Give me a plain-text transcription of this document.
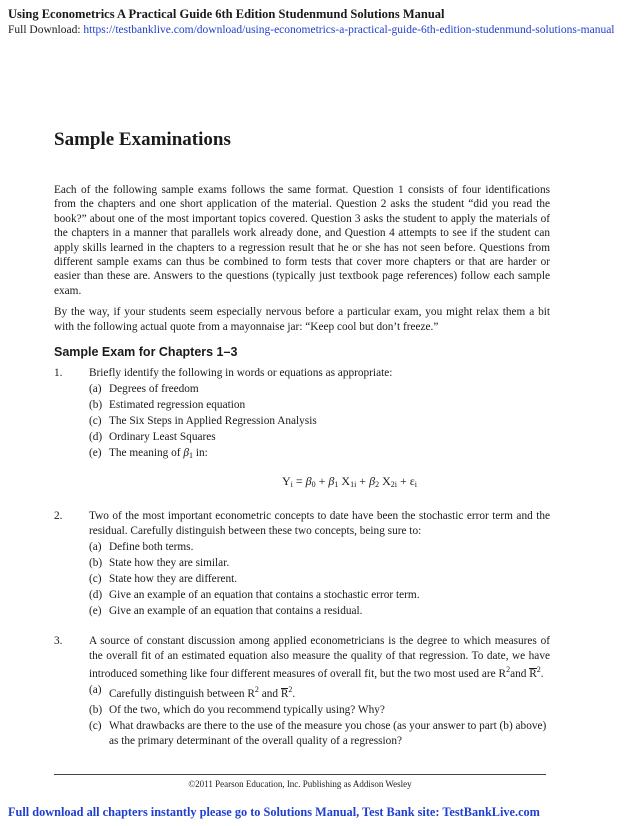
Using Econometrics A Practical Guide 6th Edition Studenmund Solutions Manual
Full Download: https://testbanklive.com/download/using-econometrics-a-practical-guide-6th-edition-studenmund-solutions-manual
Sample Examinations

Each of the following sample exams follows the same format. Question 1 consists of four identifications from the chapters and one short application of the material. Question 2 asks the student “did you read the book?” about one of the most important topics covered. Question 3 asks the student to apply the materials of the chapters in a manner that parallels work already done, and Question 4 attempts to see if the student can apply skills learned in the chapters to a regression result that he or she has not seen before. Questions from different sample exams can thus be combined to form tests that cover more chapters or that are harder or easier than these are. Answers to the questions (typically just textbook page references) follow each sample exam.

By the way, if your students seem especially nervous before a particular exam, you might relax them a bit with the following actual quote from a mayonnaise jar: “Keep cool but don’t freeze.”

Sample Exam for Chapters 1–3
1. Briefly identify the following in words or equations as appropriate:

(a) Degrees of freedom
(b) Estimated regression equation
(c) The Six Steps in Applied Regression Analysis
(d) Ordinary Least Squares
(e) The meaning of $\beta_1$ in:
$Y_i = \beta_0 + \beta_1$ $X_{1i} + \beta_2$ $X_{2i} + \varepsilon_i$
2. Two of the most important econometric concepts to date have been the stochastic error term and the residual. Carefully distinguish between these two concepts, being sure to:

(a) Define both terms.
(b) State how they are similar.
(c) State how they are different.
(d) Give an example of an equation that contains a stochastic error term.
(e) Give an example of an equation that contains a residual.
3. A source of constant discussion among applied econometricians is the degree to which measures of the overall fit of an estimated equation also measure the quality of that regression. To date, we have introduced something like four different measures of overall fit, but the two most used are $R^2and$ $R^2$.

(a) Carefully distinguish between $R^2$ and $R^2$.
(b) Of the two, which do you recommend typically using? Why?
(c) What drawbacks are there to the use of the measure you chose (as your answer to part (b) above) as the primary determinant of the overall quality of a regression?
©2011 Pearson Education, Inc. Publishing as Addison Wesley
Full download all chapters instantly please go to Solutions Manual, Test Bank site: TestBankLive.com
